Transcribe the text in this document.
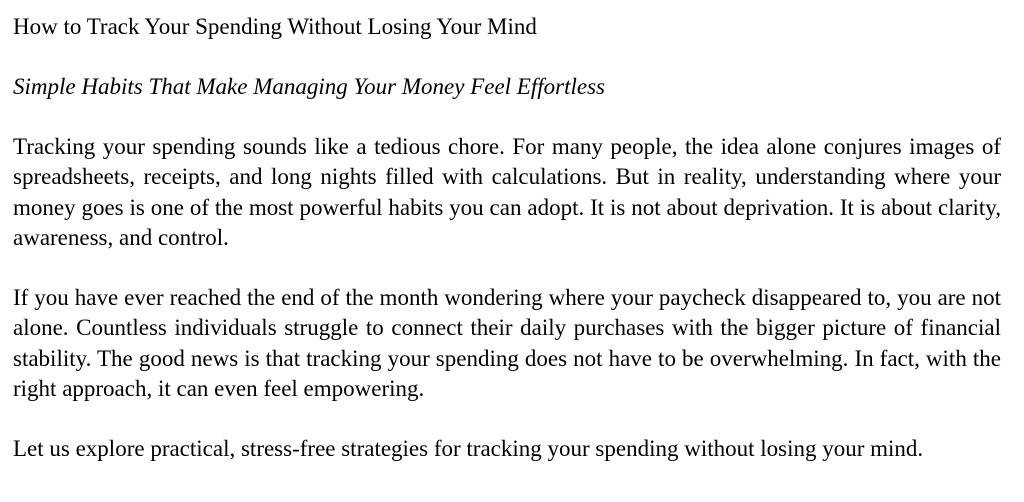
How to Track Your Spending Without Losing Your Mind
Simple Habits That Make Managing Your Money Feel Effortless

Tracking your spending sounds like a tedious chore. For many people, the idea alone conjures images of spreadsheets, receipts, and long nights filled with calculations. But in reality, understanding where your money goes is one of the most powerful habits you can adopt. It is not about deprivation. It is about clarity, awareness, and control.

If you have ever reached the end of the month wondering where your paycheck disappeared to, you are not alone. Countless individuals struggle to connect their daily purchases with the bigger picture of financial stability. The good news is that tracking your spending does not have to be overwhelming. In fact, with the right approach, it can even feel empowering.

Let us explore practical, stress-free strategies for tracking your spending without losing your mind.
